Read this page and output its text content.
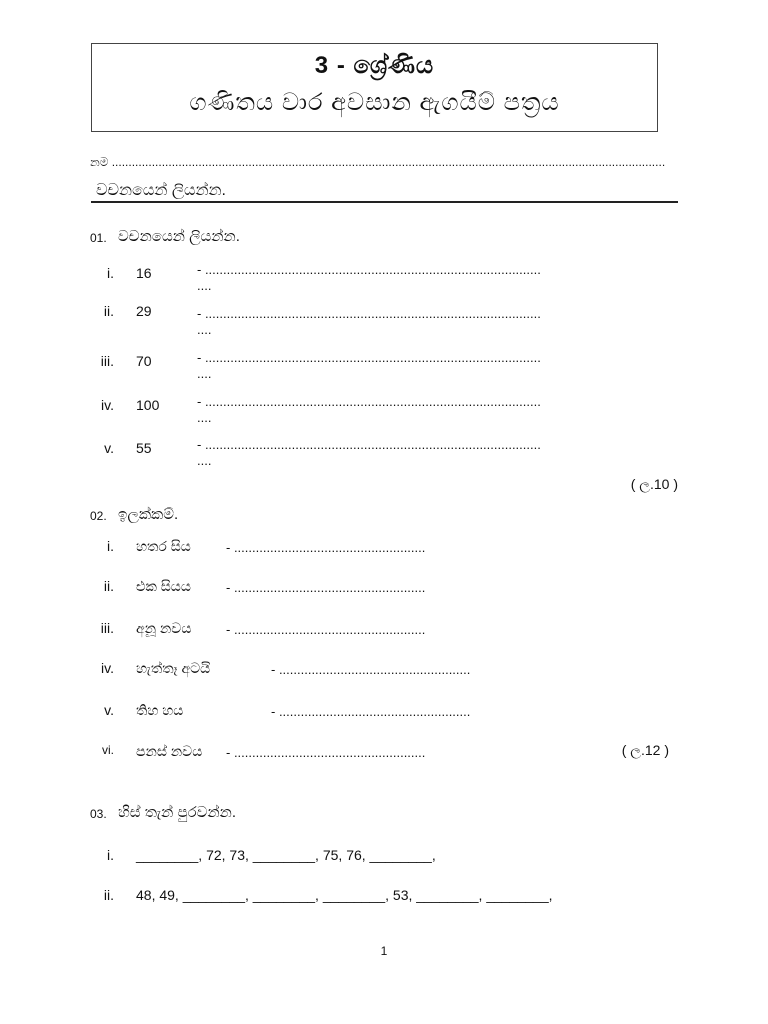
3 - ශ්‍රේණිය
ගණිතය වාර අවසාන ඇගයීම් පත්‍රය
නම ......................................................................................................................................................................
වචනයෙන් ලියන්න.
01. වචනයෙන් ලියන්න.
i. 16	- .............................................................................................
....
ii. 29	- .............................................................................................
....
iii. 70	- .............................................................................................
....
iv. 100	- .............................................................................................
....
v. 55	- .............................................................................................
....
( ල.10 )
02. ඉලක්කම්.
i. හතර සිය	- .....................................................
ii. එක සියය	- .....................................................
iii. අනූ නවය	- .....................................................
iv. හැත්තෑ අටයි	- .....................................................
v. තිහ හය	- .....................................................
vi. පනස් නවය - .....................................................	( ල.12 )
03. හිස් තැන් පුරවන්න.
i. ________, 72, 73, ________, 75, 76, ________,
ii. 48, 49, ________, ________, ________, 53, ________, ________,
1
